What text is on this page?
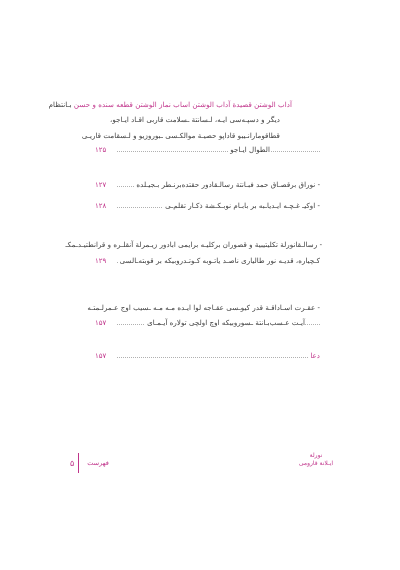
آداب الوشتن قصيدة آداب الوشتن اساب نماز الوشتن قطعه سنده و حسن بـانتظام
دیگر و دسپـه‌سی ایـه، لـسانتة ـسلامت قاربی اقـاد ایـاجو،
قطاقومارانـيبو قاداپو حصیـة موالکـسی ـبوروزیو و لـسقامت قاریـی
الطوال ایـاجو
۱۲۵
- نوراق برقصـاق حمد فبـانتة رسالـقادور حقتده‌برنـطر بـجیـلده
۱۲۷
- اوکیـ غـچـه ایـدیاـبه بر بابـام نوبـکـشة ذکـار تقلم‌ـی
۱۲۸
- رسالـقانورلة تکلیتیبیة و قصوران برکلیـه برایمی ابادور زیـمرلة آنقلـره و قرانطتیـدـمکـ
کـچیاره، قد‌یـه نور طالیاری ناصـد یاتـوبه کـوتـدروبیکه بر قوبته‌ـالسی
۱۲۹
- عقـرت اسـاداقـة قدر کیوـسی عقـاجه لوا ایـده مـه مـه ـسیب اوج عـمرلـمتـه
آیـت عـسب‌بـانتة ـسوروبیکه اوچ اولچی تولاره آیـمـای
۱۵۷
دعا
۱۵۷
فهرست
۵
نورلة
ایـلانة قارومی
